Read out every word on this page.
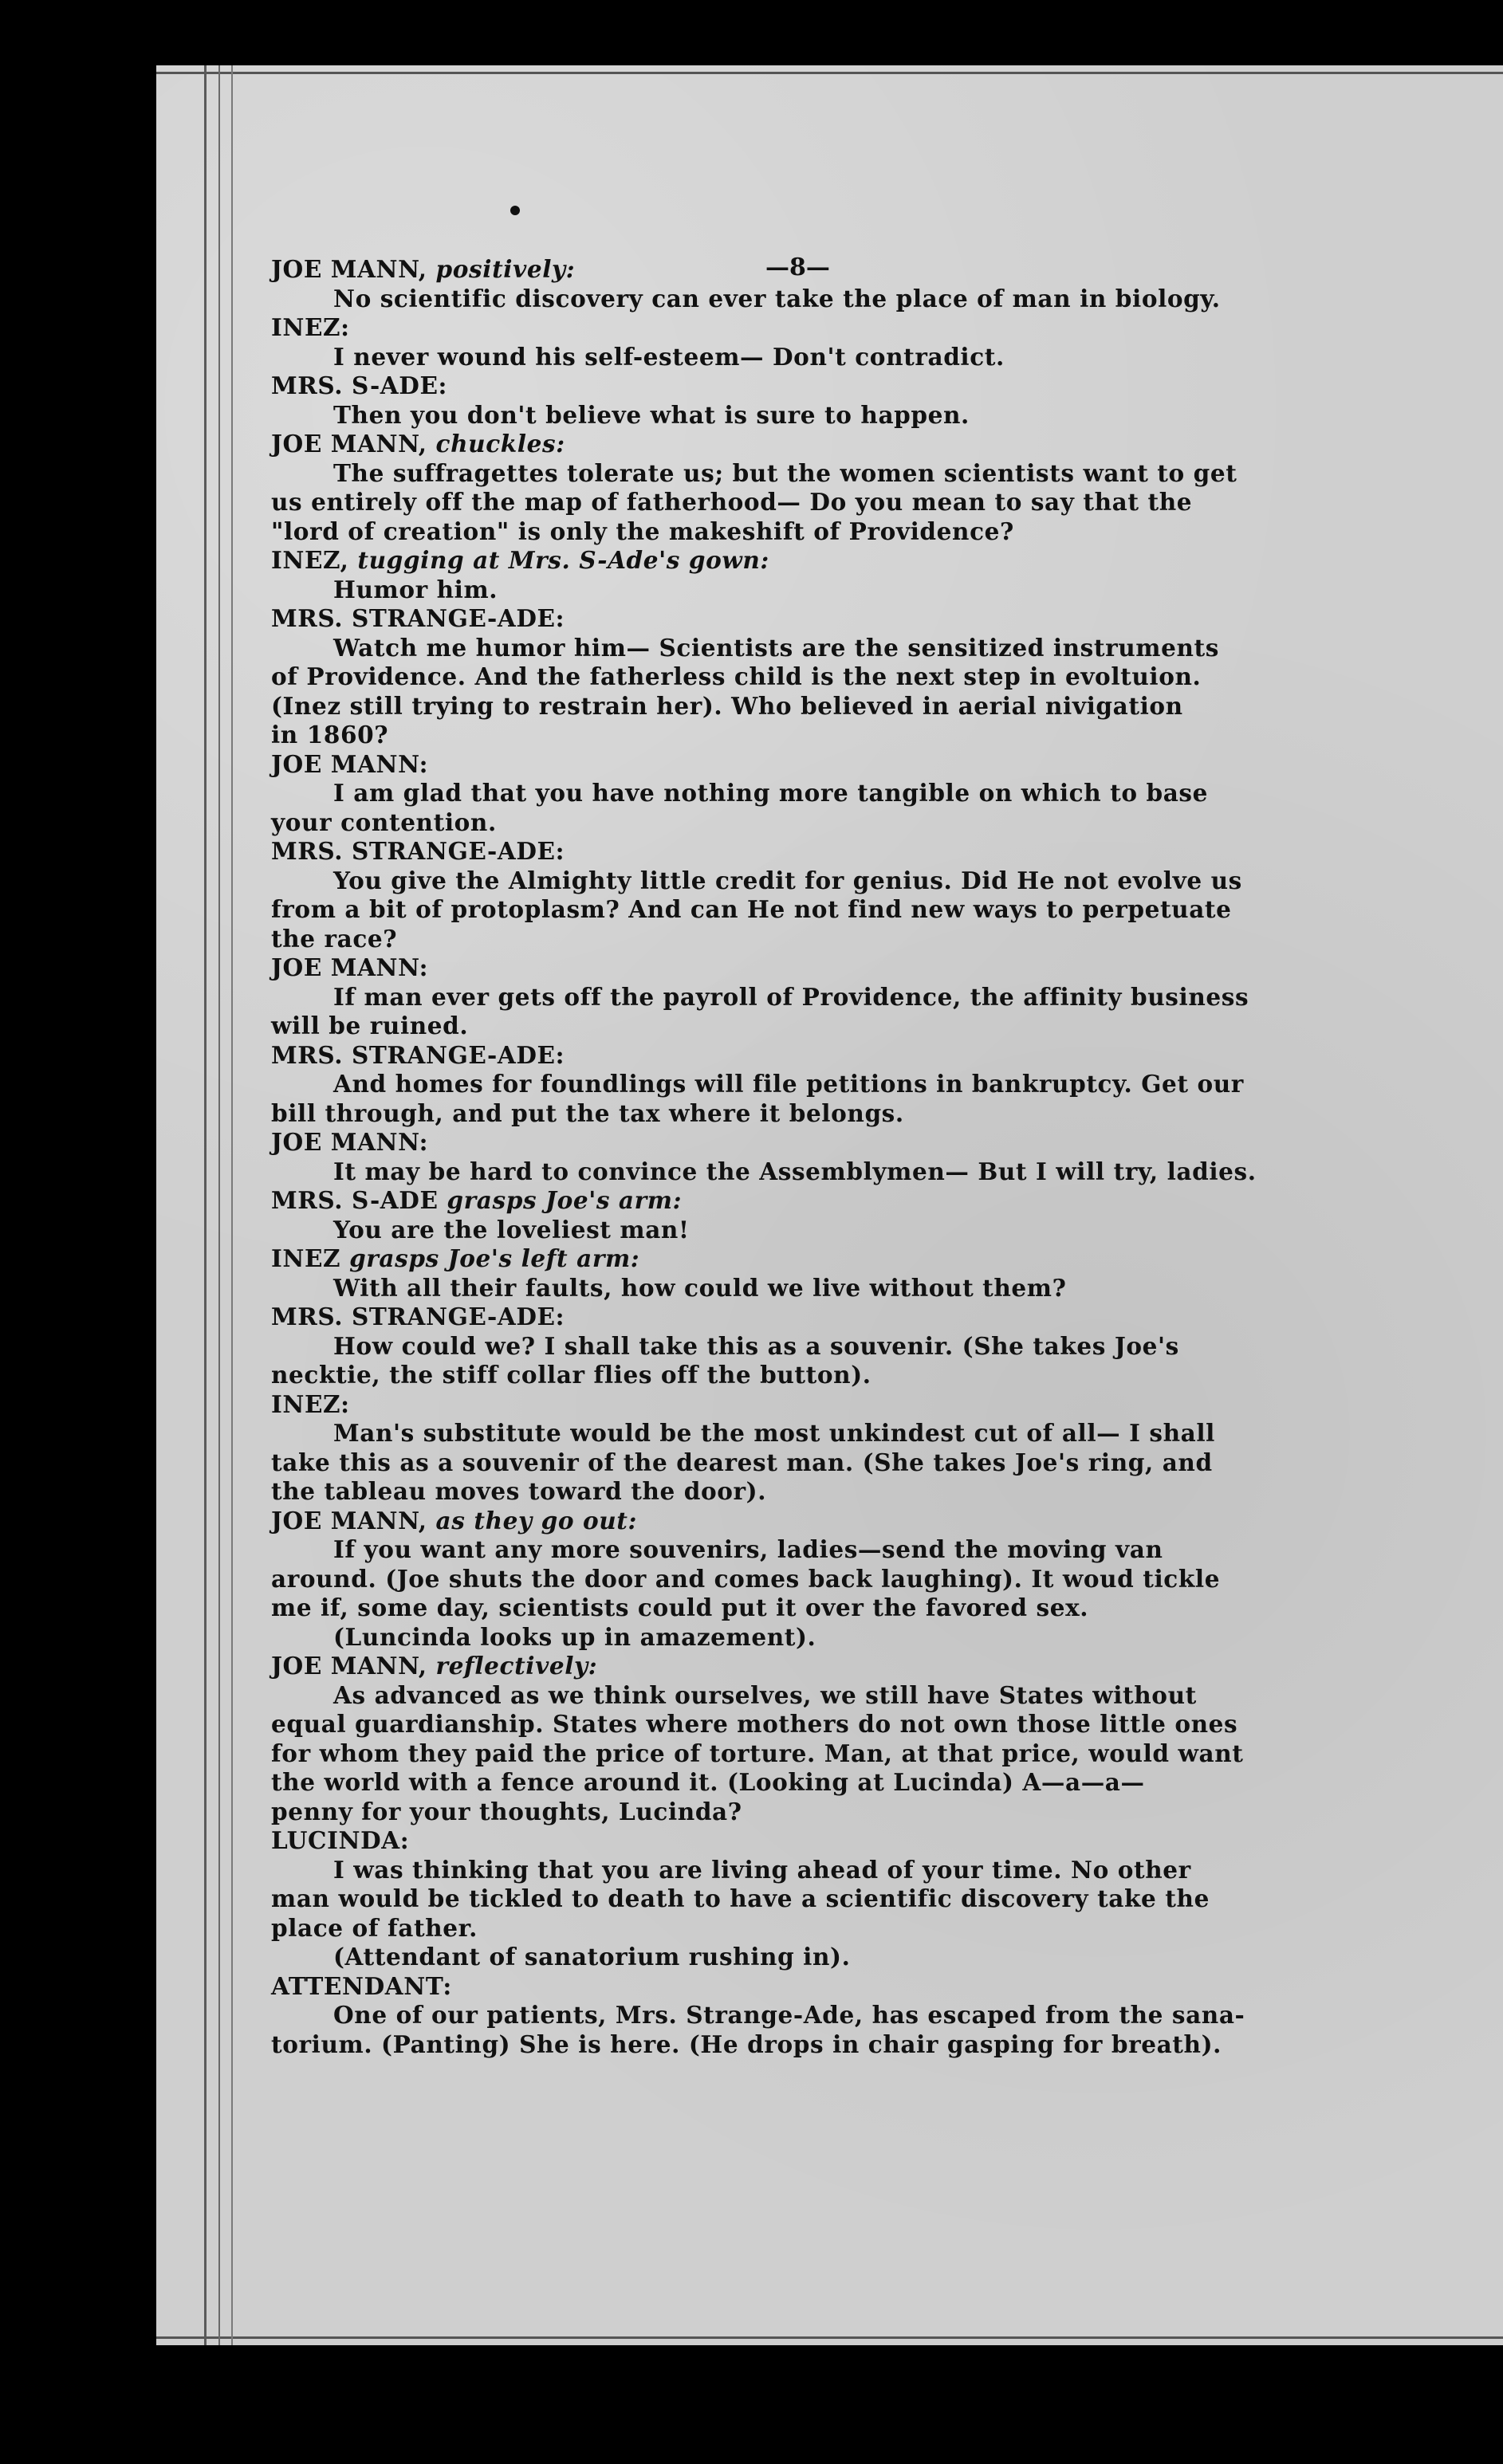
—8—
JOE MANN, positively:
No scientific discovery can ever take the place of man in biology.
INEZ:
I never wound his self-esteem— Don't contradict.
MRS. S-ADE:
Then you don't believe what is sure to happen.
JOE MANN, chuckles:
The suffragettes tolerate us; but the women scientists want to get
us entirely off the map of fatherhood— Do you mean to say that the
"lord of creation" is only the makeshift of Providence?
INEZ, tugging at Mrs. S-Ade's gown:
Humor him.
MRS. STRANGE-ADE:
Watch me humor him— Scientists are the sensitized instruments
of Providence. And the fatherless child is the next step in evoltuion.
(Inez still trying to restrain her). Who believed in aerial nivigation
in 1860?
JOE MANN:
I am glad that you have nothing more tangible on which to base
your contention.
MRS. STRANGE-ADE:
You give the Almighty little credit for genius. Did He not evolve us
from a bit of protoplasm? And can He not find new ways to perpetuate
the race?
JOE MANN:
If man ever gets off the payroll of Providence, the affinity business
will be ruined.
MRS. STRANGE-ADE:
And homes for foundlings will file petitions in bankruptcy. Get our
bill through, and put the tax where it belongs.
JOE MANN:
It may be hard to convince the Assemblymen— But I will try, ladies.
MRS. S-ADE grasps Joe's arm:
You are the loveliest man!
INEZ grasps Joe's left arm:
With all their faults, how could we live without them?
MRS. STRANGE-ADE:
How could we? I shall take this as a souvenir. (She takes Joe's
necktie, the stiff collar flies off the button).
INEZ:
Man's substitute would be the most unkindest cut of all— I shall
take this as a souvenir of the dearest man. (She takes Joe's ring, and
the tableau moves toward the door).
JOE MANN, as they go out:
If you want any more souvenirs, ladies—send the moving van
around. (Joe shuts the door and comes back laughing). It woud tickle
me if, some day, scientists could put it over the favored sex.
(Luncinda looks up in amazement).
JOE MANN, reflectively:
As advanced as we think ourselves, we still have States without
equal guardianship. States where mothers do not own those little ones
for whom they paid the price of torture. Man, at that price, would want
the world with a fence around it. (Looking at Lucinda) A—a—a—
penny for your thoughts, Lucinda?
LUCINDA:
I was thinking that you are living ahead of your time. No other
man would be tickled to death to have a scientific discovery take the
place of father.
(Attendant of sanatorium rushing in).
ATTENDANT:
One of our patients, Mrs. Strange-Ade, has escaped from the sana-
torium. (Panting) She is here. (He drops in chair gasping for breath).
